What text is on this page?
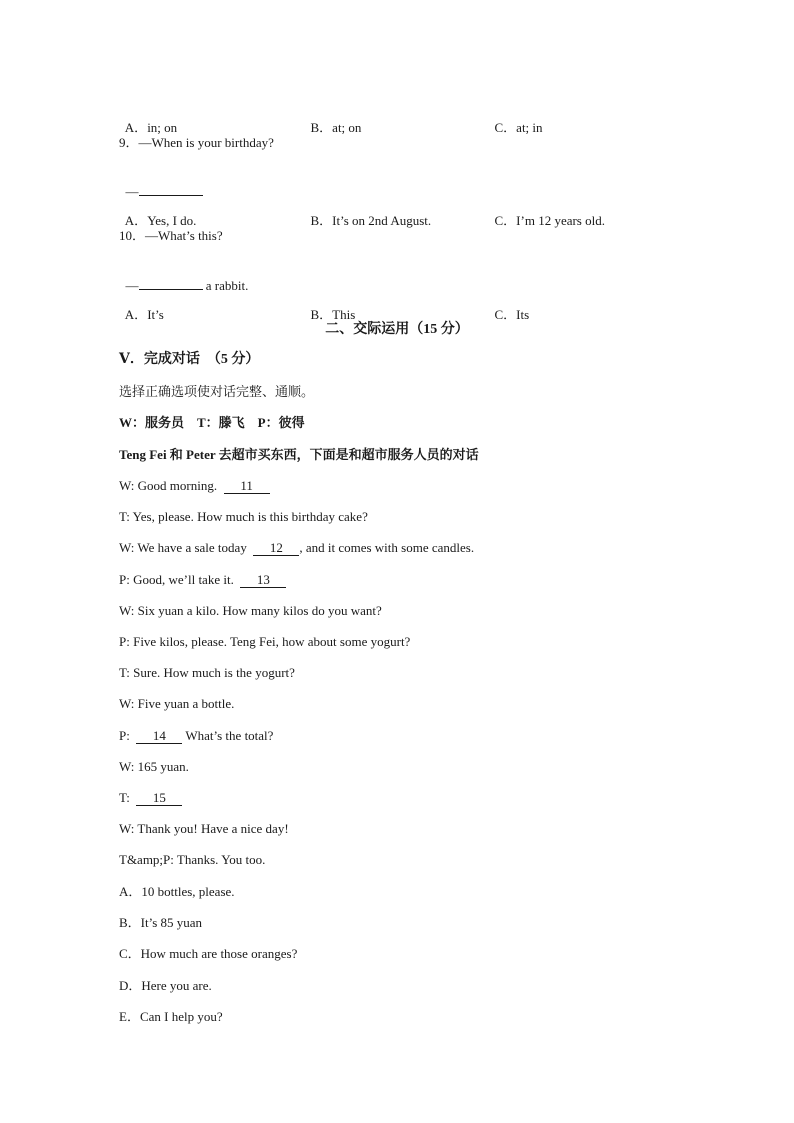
A．in; on	B．at; on	C．at; in

9．—When is your birthday?

—

A．Yes, I do.	B．It’s on 2nd August.	C．I’m 12 years old.

10．—What’s this?

—	a rabbit.

A．It’s	B．This	C．Its

二、交际运用（15 分）
Ⅴ．完成对话　（5 分）
选择正确选项使对话完整、通顺。
W：服务员　T：滕飞　P：彼得
Teng Fei 和 Peter 去超市买东西，下面是和超市服务人员的对话
W: Good morning.  11
T: Yes, please. How much is this birthday cake?
W: We have a sale today  12 , and it comes with some candles.
P: Good, we’ll take it.  13
W: Six yuan a kilo. How many kilos do you want?
P: Five kilos, please. Teng Fei, how about some yogurt?
T: Sure. How much is the yogurt?
W: Five yuan a bottle.
P:  14 What’s the total?
W: 165 yuan.
T:  15
W: Thank you! Have a nice day!
T&amp;P: Thanks. You too.
A．10 bottles, please.
B．It’s 85 yuan
C．How much are those oranges?
D．Here you are.
E．Can I help you?
